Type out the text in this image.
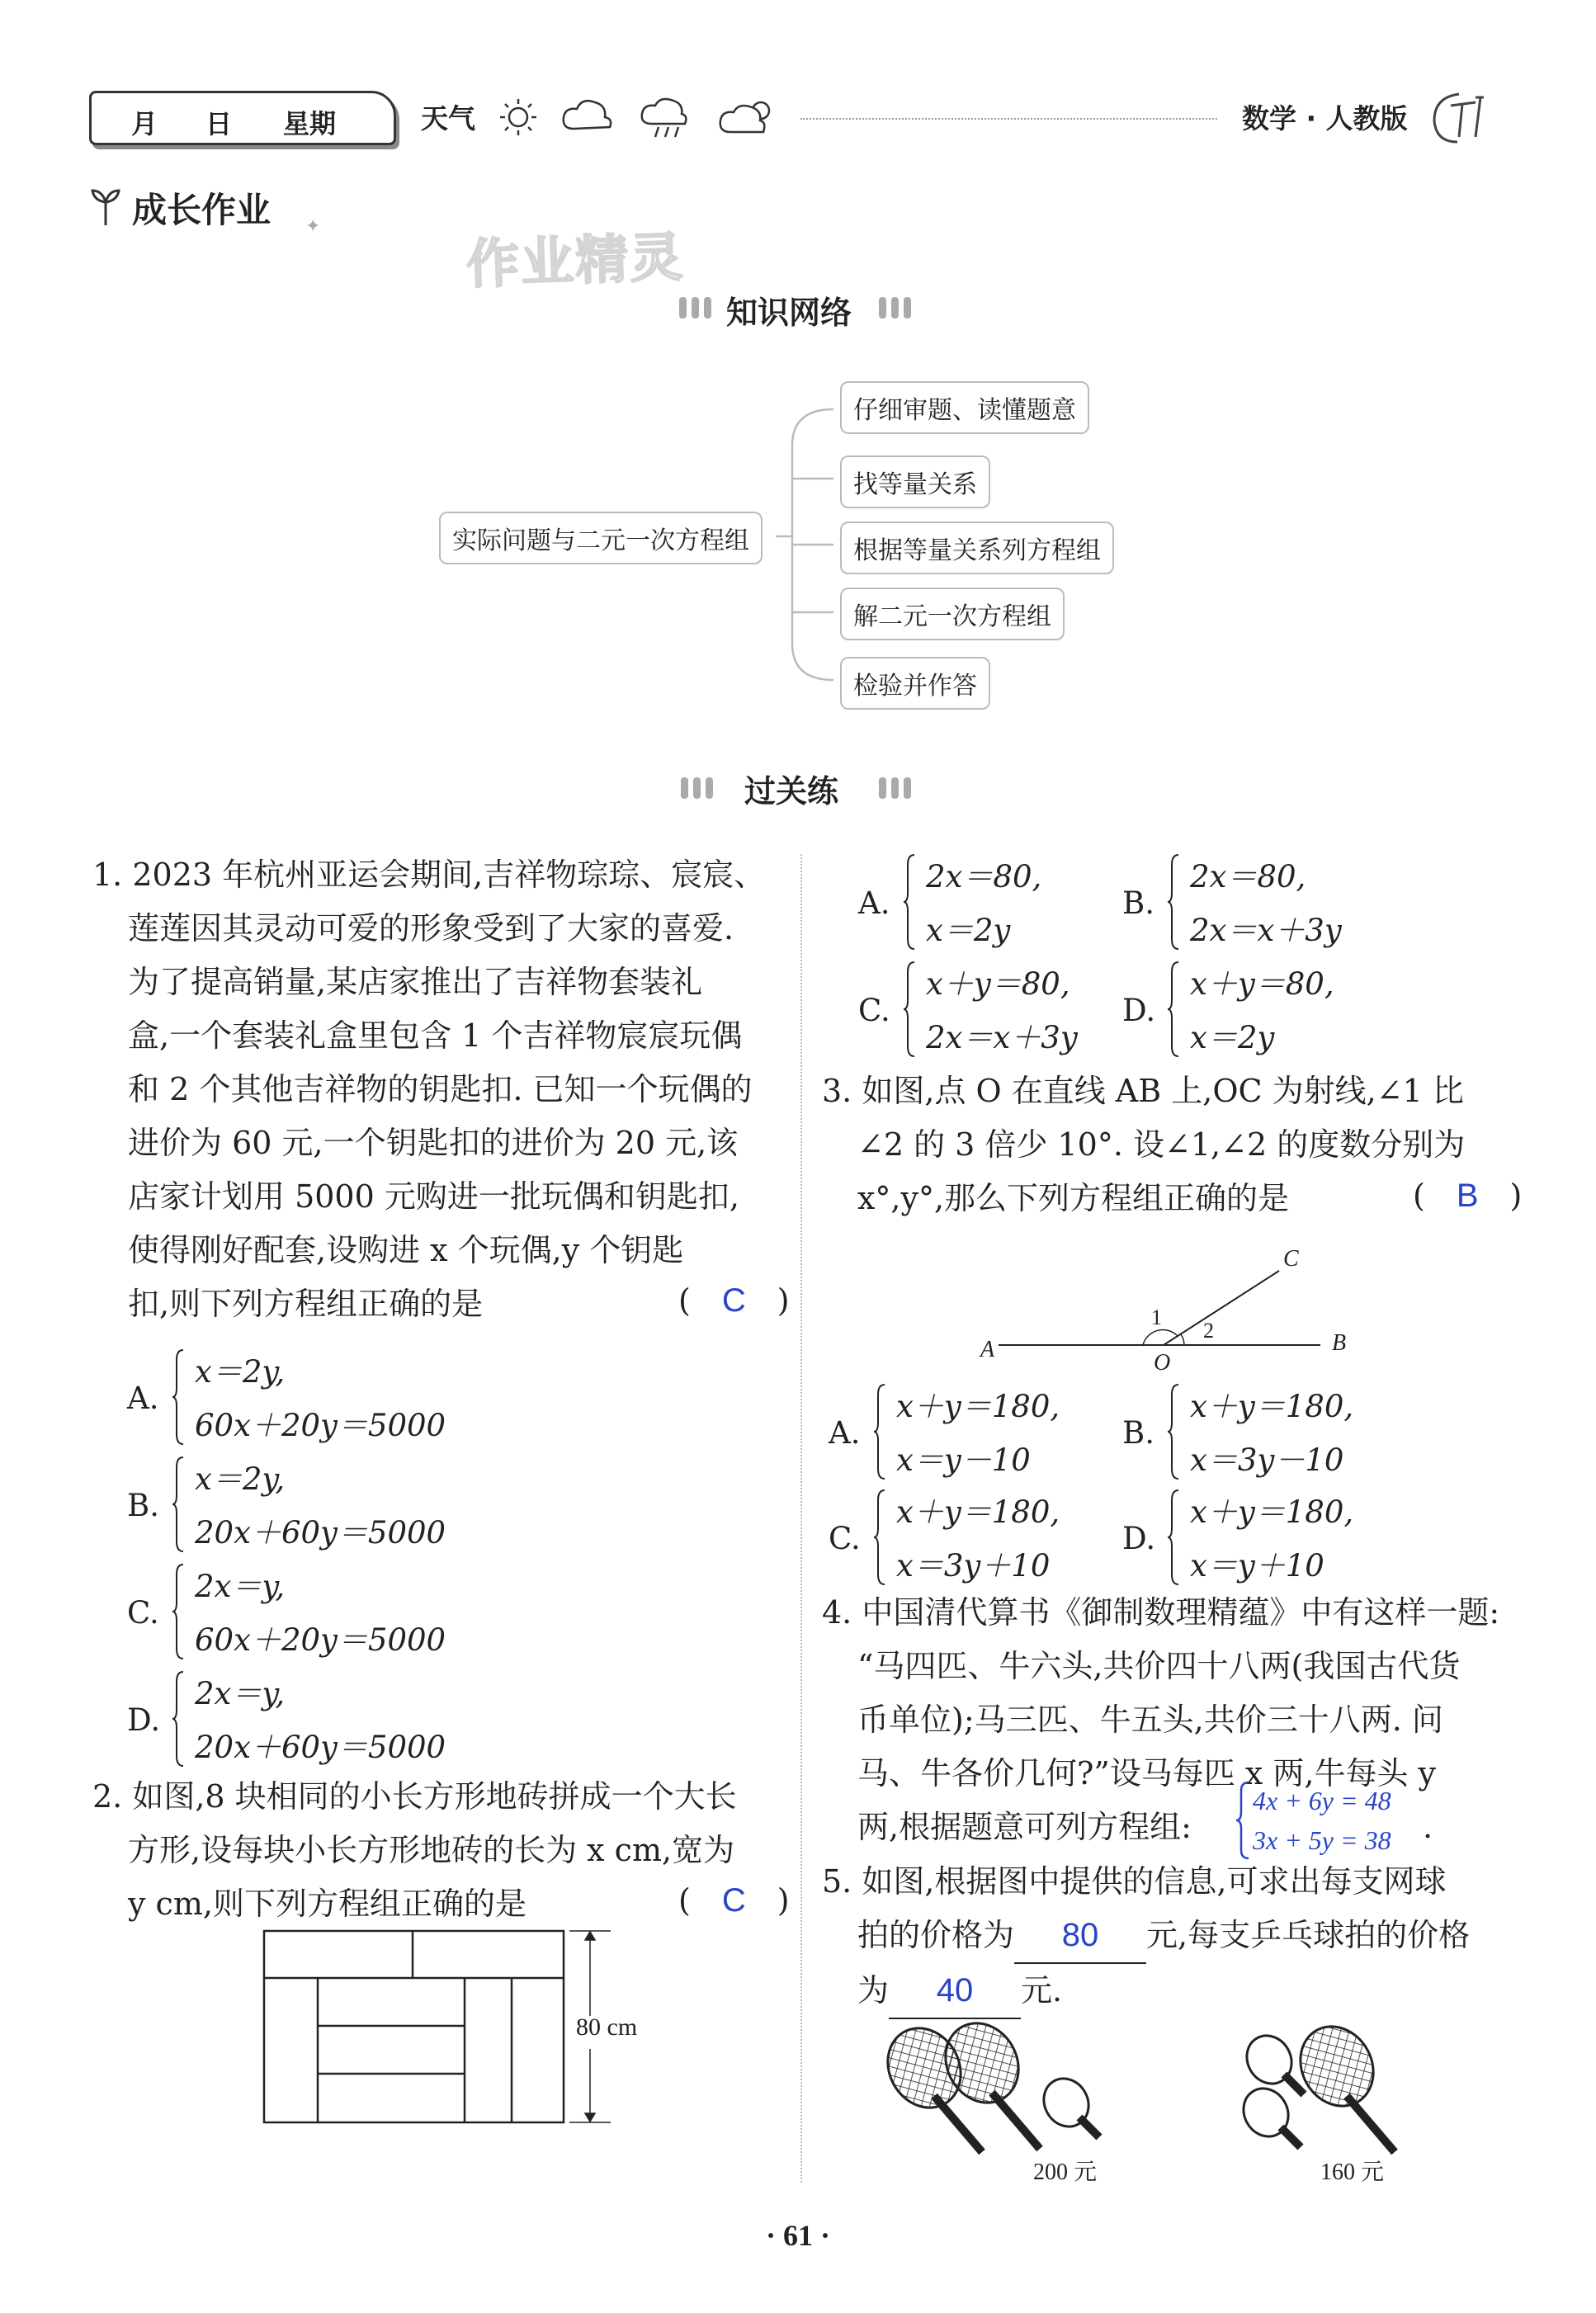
月 日 星期	天气	数学 · 人教版
成长作业 ✦
作业精灵
知识网络
实际问题与二元一次方程组
仔细审题、读懂题意
找等量关系
根据等量关系列方程组
解二元一次方程组
检验并作答
过关练
1. 2023 年杭州亚运会期间,吉祥物琮琮、宸宸、
莲莲因其灵动可爱的形象受到了大家的喜爱.
为了提高销量,某店家推出了吉祥物套装礼
盒,一个套装礼盒里包含 1 个吉祥物宸宸玩偶
和 2 个其他吉祥物的钥匙扣. 已知一个玩偶的
进价为 60 元,一个钥匙扣的进价为 20 元,该
店家计划用 5000 元购进一批玩偶和钥匙扣,
使得刚好配套,设购进 x 个玩偶,y 个钥匙
扣,则下列方程组正确的是	(　C　)
A.
x＝2y,
60x＋20y＝5000
B.
x＝2y,
20x＋60y＝5000
C.
2x＝y,
60x＋20y＝5000
D.
2x＝y,
20x＋60y＝5000
2. 如图,8 块相同的小长方形地砖拼成一个大长
方形,设每块小长方形地砖的长为 x cm,宽为
y cm,则下列方程组正确的是	(　C　)
80 cm
A.
2x＝80,
x＝2y
B.
2x＝80,
2x＝x＋3y
C.
x＋y＝80,
2x＝x＋3y
D.
x＋y＝80,
x＝2y
3. 如图,点 O 在直线 AB 上,OC 为射线,∠1 比
∠2 的 3 倍少 10°. 设∠1,∠2 的度数分别为
x°,y°,那么下列方程组正确的是	(　B　)
A	B
C
O
1
2
A.
x＋y＝180,
x＝y－10
B.
x＋y＝180,
x＝3y－10
C.
x＋y＝180,
x＝3y＋10
D.
x＋y＝180,
x＝y＋10
4. 中国清代算书《御制数理精蕴》中有这样一题:
“马四匹、牛六头,共价四十八两(我国古代货
币单位);马三匹、牛五头,共价三十八两. 问
马、牛各价几何?”设马每匹 x 两,牛每头 y
两,根据题意可列方程组:
4x + 6y = 48
3x + 5y = 38 .
5. 如图,根据图中提供的信息,可求出每支网球
拍的价格为 80 元,每支乒乓球拍的价格
为 40 元.
200 元	160 元
· 61 ·
